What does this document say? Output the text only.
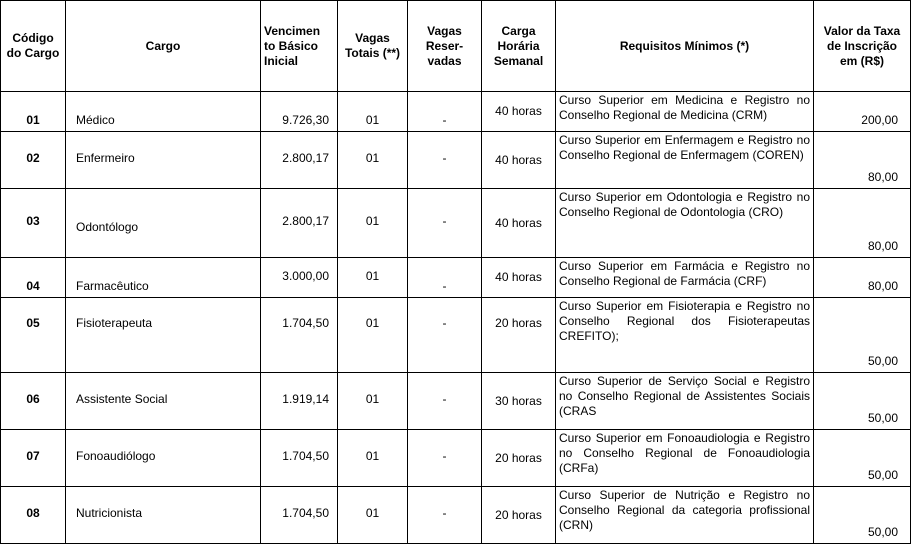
Código do Cargo	Cargo	Vencimen to Básico Inicial	Vagas Totais (**)	Vagas Reser- vadas	Carga Horária Semanal	Requisitos Mínimos (*)	Valor da Taxa de Inscrição em (R$)
01	Médico	9.726,30	01	-	40 horas	Curso Superior em Medicina e Registro no Conselho Regional de Medicina (CRM)	200,00
02	Enfermeiro	2.800,17	01	-	40 horas	Curso Superior em Enfermagem e Registro no Conselho Regional de Enfermagem (COREN)	80,00
03	Odontólogo	2.800,17	01	-	40 horas	Curso Superior em Odontologia e Registro no Conselho Regional de Odontologia (CRO)	80,00
04	Farmacêutico	3.000,00	01	-	40 horas	Curso Superior em Farmácia e Registro no Conselho Regional de Farmácia (CRF)	80,00
05	Fisioterapeuta	1.704,50	01	-	20 horas	Curso Superior em Fisioterapia e Registro no Conselho Regional dos Fisioterapeutas CREFITO);	50,00
06	Assistente Social	1.919,14	01	-	30 horas	Curso Superior de Serviço Social e Registro no Conselho Regional de Assistentes Sociais (CRAS	50,00
07	Fonoaudiólogo	1.704,50	01	-	20 horas	Curso Superior em Fonoaudiologia e Registro no Conselho Regional de Fonoaudiologia (CRFa)	50,00
08	Nutricionista	1.704,50	01	-	20 horas	Curso Superior de Nutrição e Registro no Conselho Regional da categoria profissional (CRN)	50,00
